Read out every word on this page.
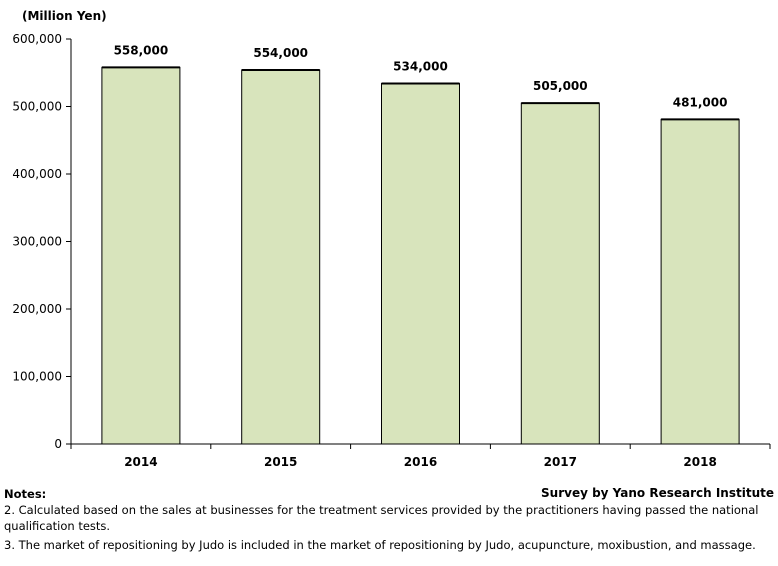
(Million Yen)
0
100,000
200,000
300,000
400,000
500,000
600,000
558,000	554,000
534,000
505,000
481,000
2014	2015	2016	2017	2018
Notes:
2. Calculated based on the sales at businesses for the treatment services provided by the practitioners having passed the national qualification tests.
3. The market of repositioning by Judo is included in the market of repositioning by Judo, acupuncture, moxibustion, and massage.
Survey by Yano Research Institute
